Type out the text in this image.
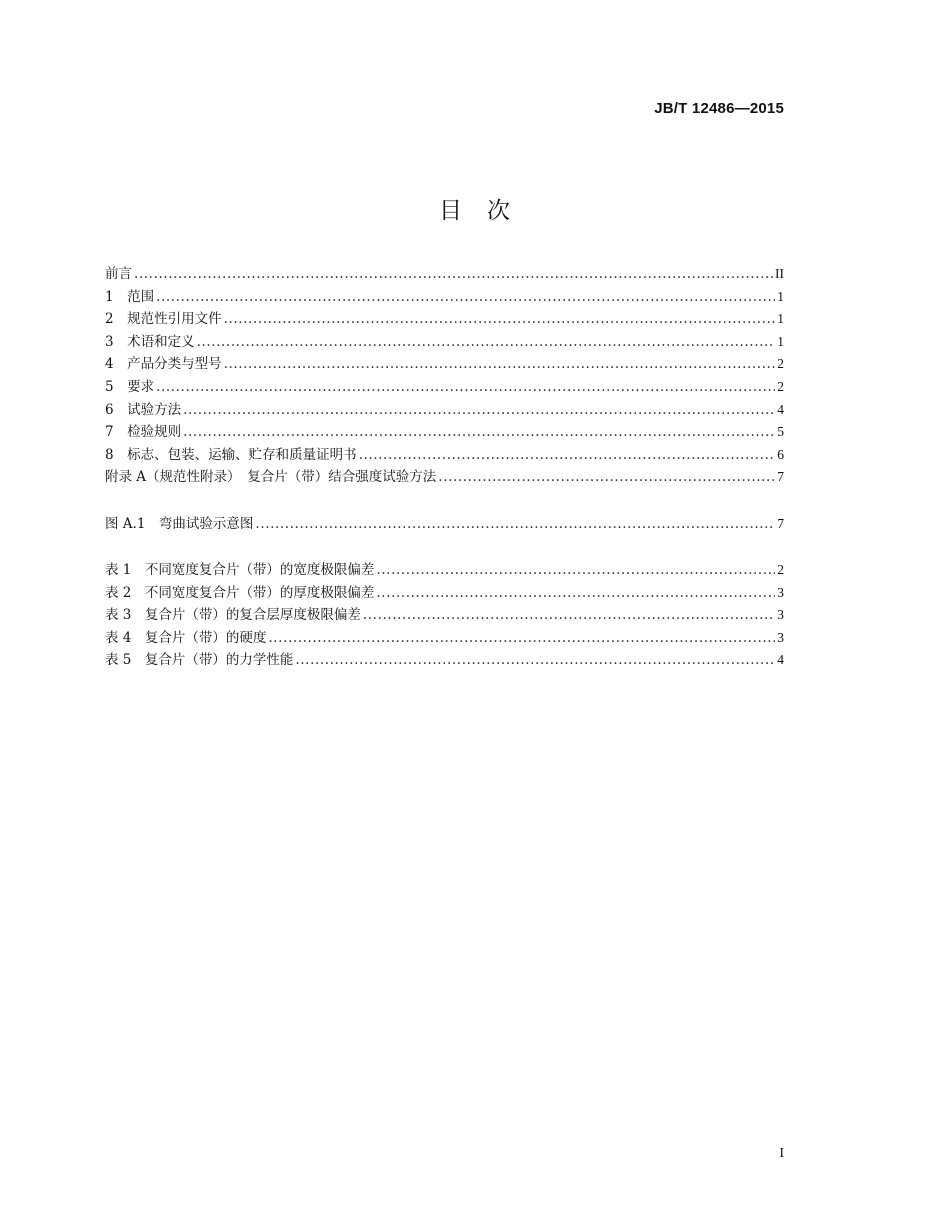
JB/T 12486—2015
目　次
前言 .....	II
1　范围 .....	1
2　规范性引用文件 .....	1
3　术语和定义 .....	1
4　产品分类与型号 .....	2
5　要求 .....	2
6　试验方法 .....	4
7　检验规则 .....	5
8　标志、包装、运输、贮存和质量证明书 .....	6
附录 A（规范性附录）　复合片（带）结合强度试验方法 .....	7
图 A.1　弯曲试验示意图 .....	7
表 1　不同宽度复合片（带）的宽度极限偏差 .....	2
表 2　不同宽度复合片（带）的厚度极限偏差 .....	3
表 3　复合片（带）的复合层厚度极限偏差 .....	3
表 4　复合片（带）的硬度 .....	3
表 5　复合片（带）的力学性能 .....	4
I
